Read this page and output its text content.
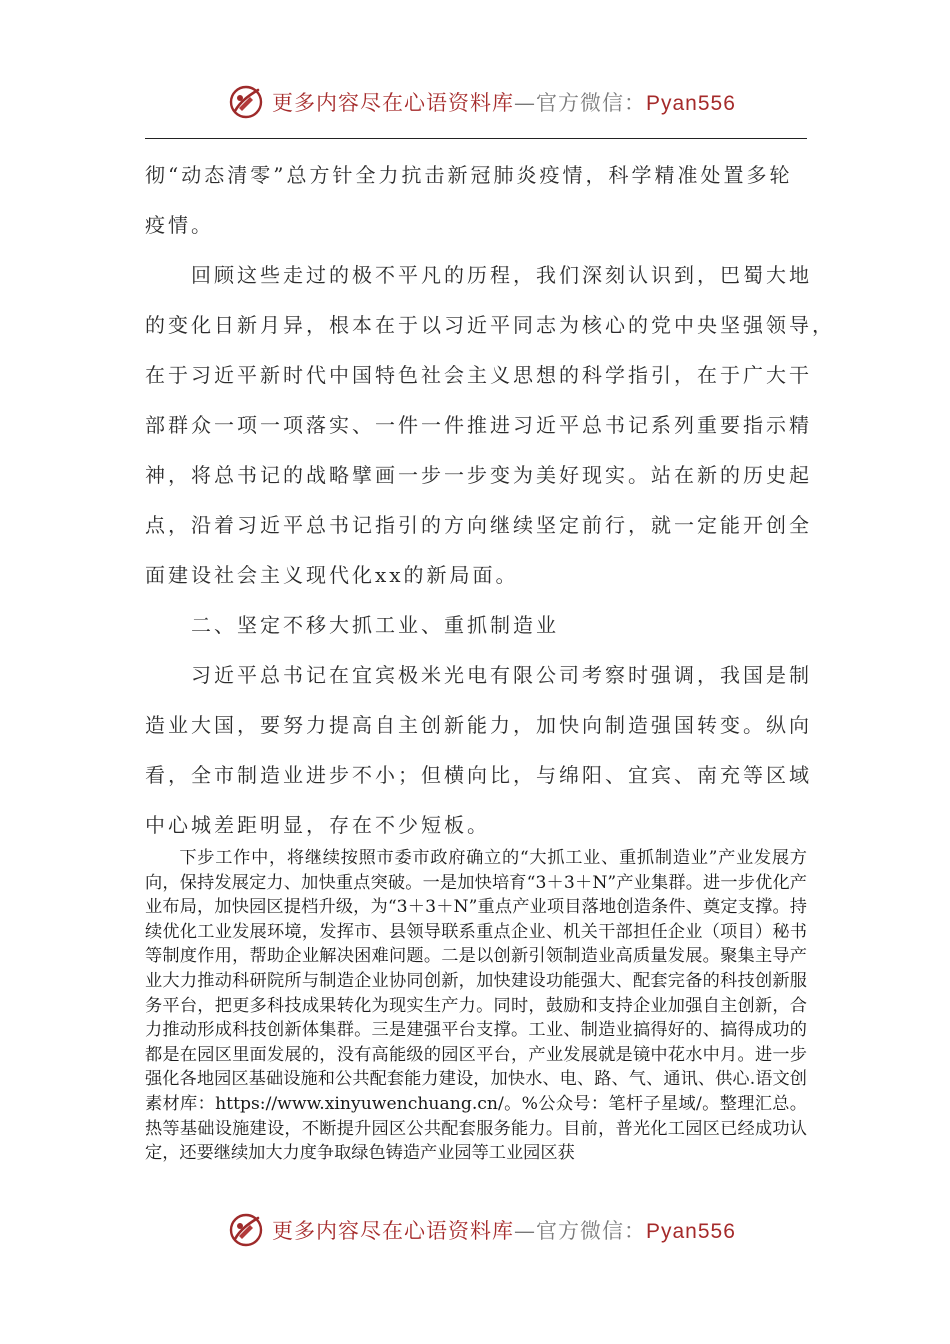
更多内容尽在心语资料库—官方微信：Pyan556

彻“动态清零”总方针全力抗击新冠肺炎疫情，科学精准处置多轮

疫情。

回顾这些走过的极不平凡的历程，我们深刻认识到，巴蜀大地

的变化日新月异，根本在于以习近平同志为核心的党中央坚强领导，

在于习近平新时代中国特色社会主义思想的科学指引，在于广大干

部群众一项一项落实、一件一件推进习近平总书记系列重要指示精

神，将总书记的战略擘画一步一步变为美好现实。站在新的历史起

点，沿着习近平总书记指引的方向继续坚定前行，就一定能开创全

面建设社会主义现代化xx的新局面。

二、坚定不移大抓工业、重抓制造业

习近平总书记在宜宾极米光电有限公司考察时强调，我国是制

造业大国，要努力提高自主创新能力，加快向制造强国转变。纵向

看，全市制造业进步不小；但横向比，与绵阳、宜宾、南充等区域

中心城差距明显，存在不少短板。

下步工作中，将继续按照市委市政府确立的“大抓工业、重抓制造业”产业发展方向，保持发展定力、加快重点突破。一是加快培育“3＋3＋N”产业集群。进一步优化产业布局，加快园区提档升级，为“3＋3＋N”重点产业项目落地创造条件、奠定支撑。持续优化工业发展环境，发挥市、县领导联系重点企业、机关干部担任企业（项目）秘书等制度作用，帮助企业解决困难问题。二是以创新引领制造业高质量发展。聚集主导产业大力推动科研院所与制造企业协同创新，加快建设功能强大、配套完备的科技创新服务平台，把更多科技成果转化为现实生产力。同时，鼓励和支持企业加强自主创新，合力推动形成科技创新体集群。三是建强平台支撑。工业、制造业搞得好的、搞得成功的都是在园区里面发展的，没有高能级的园区平台，产业发展就是镜中花水中月。进一步强化各地园区基础设施和公共配套能力建设，加快水、电、路、气、通讯、供心.语文创素材库：https://www.xinyuwenchuang.cn/。%公众号：笔杆子星域/。整理汇总。热等基础设施建设，不断提升园区公共配套服务能力。目前，普光化工园区已经成功认定，还要继续加大力度争取绿色铸造产业园等工业园区获

更多内容尽在心语资料库—官方微信：Pyan556
